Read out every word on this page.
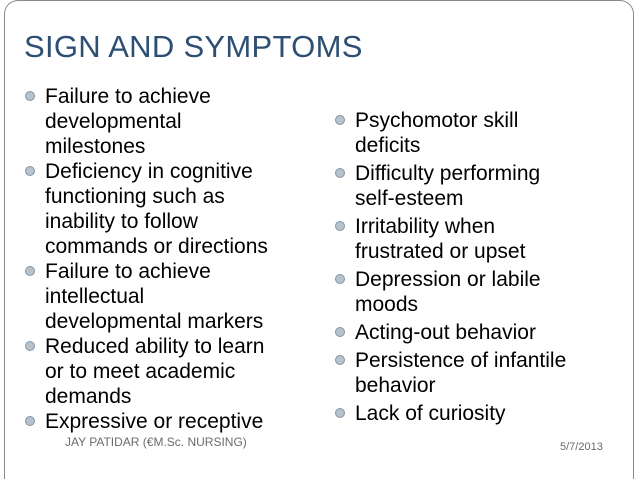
SIGN AND SYMPTOMS
Failure to achieve
developmental
milestones
Deficiency in cognitive
functioning such as
inability to follow
commands or directions
Failure to achieve
intellectual
developmental markers
Reduced ability to learn
or to meet academic
demands
Expressive or receptive
Psychomotor skill
deficits
Difficulty performing
self-esteem
Irritability when
frustrated or upset
Depression or labile
moods
Acting-out behavior
Persistence of infantile
behavior
Lack of curiosity
JAY PATIDAR (€M.Sc. NURSING)	5/7/2013
